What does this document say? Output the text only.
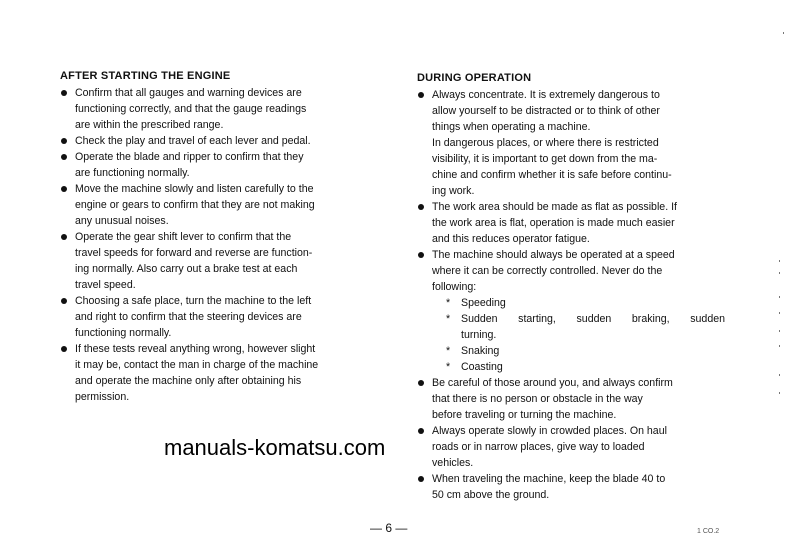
AFTER STARTING THE ENGINE
Confirm that all gauges and warning devices are
functioning correctly, and that the gauge readings
are within the prescribed range.
Check the play and travel of each lever and pedal.
Operate the blade and ripper to confirm that they
are functioning normally.
Move the machine slowly and listen carefully to the
engine or gears to confirm that they are not making
any unusual noises.
Operate the gear shift lever to confirm that the
travel speeds for forward and reverse are function-
ing normally. Also carry out a brake test at each
travel speed.
Choosing a safe place, turn the machine to the left
and right to confirm that the steering devices are
functioning normally.
If these tests reveal anything wrong, however slight
it may be, contact the man in charge of the machine
and operate the machine only after obtaining his
permission.
DURING OPERATION
Always concentrate. It is extremely dangerous to
allow yourself to be distracted or to think of other
things when operating a machine.
In dangerous places, or where there is restricted
visibility, it is important to get down from the ma-
chine and confirm whether it is safe before continu-
ing work.
The work area should be made as flat as possible. If
the work area is flat, operation is made much easier
and this reduces operator fatigue.
The machine should always be operated at a speed
where it can be correctly controlled. Never do the
following:
* Speeding
* Sudden starting, sudden braking, sudden
turning.
* Snaking
* Coasting
Be careful of those around you, and always confirm
that there is no person or obstacle in the way
before traveling or turning the machine.
Always operate slowly in crowded places. On haul
roads or in narrow places, give way to loaded
vehicles.
When traveling the machine, keep the blade 40 to
50 cm above the ground.
manuals-komatsu.com
— 6 —	1 CO.2
